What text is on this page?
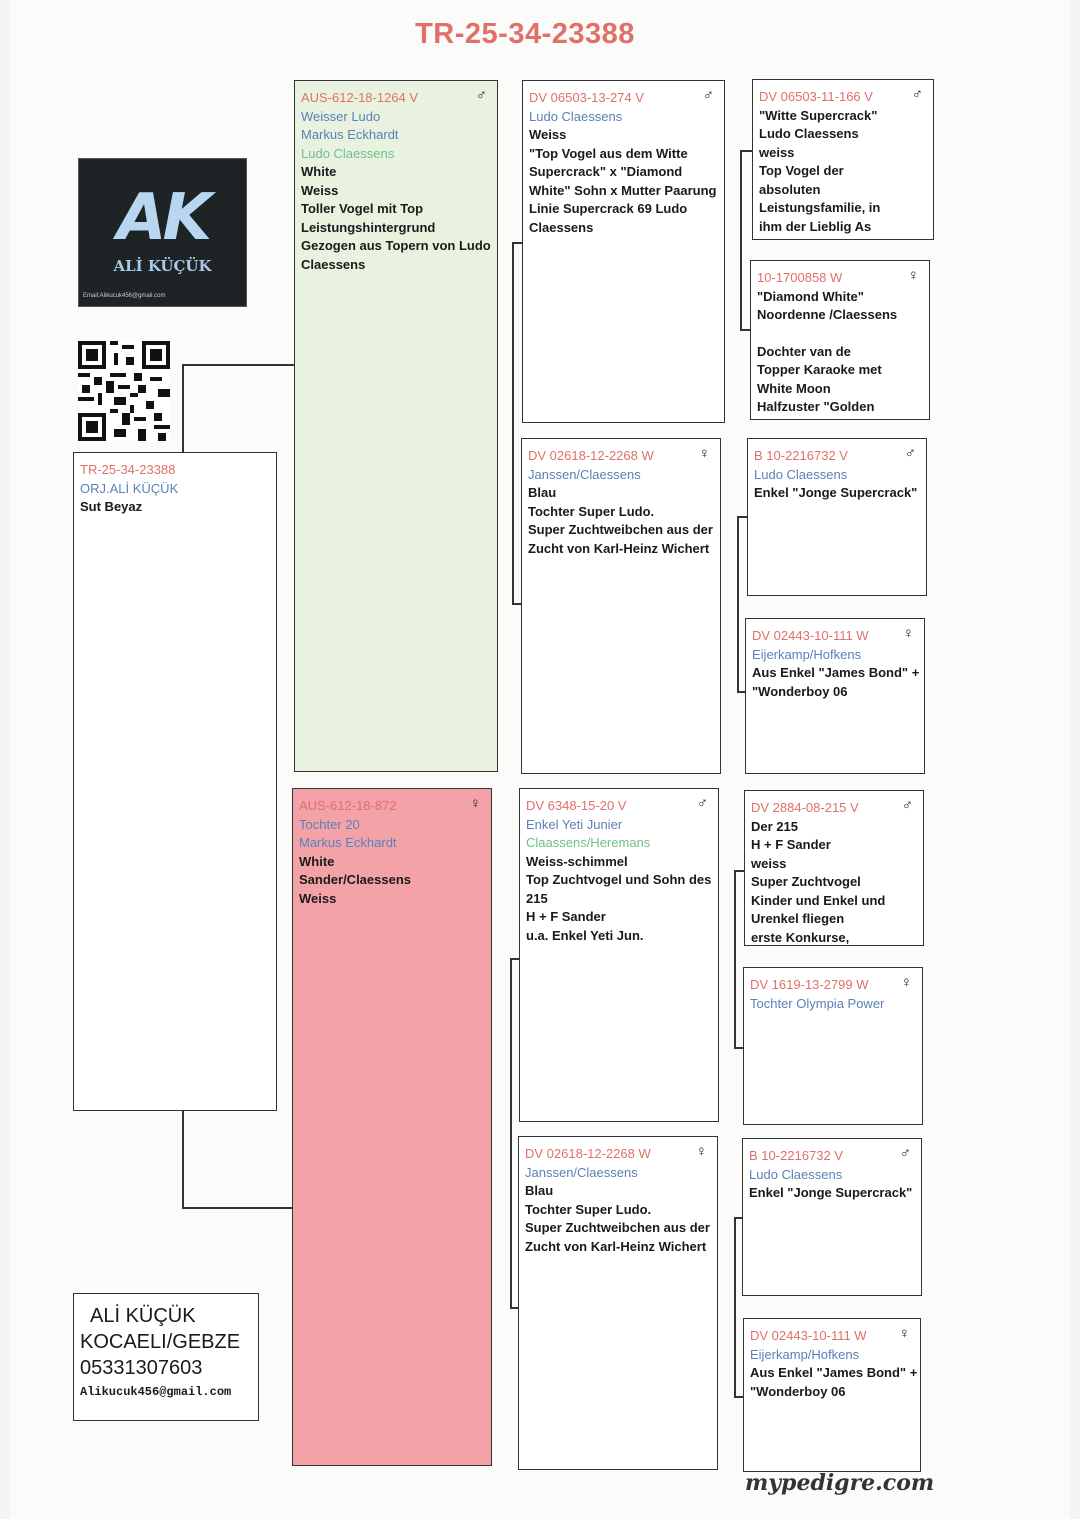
TR-25-34-23388
AK
ALİ KÜÇÜK
Email:Alikucuk456@gmail.com
TR-25-34-23388
ORJ.ALİ KÜÇÜK
Sut Beyaz
♂
AUS-612-18-1264 V
Weisser Ludo
Markus Eckhardt
Ludo Claessens
White
Weiss
Toller Vogel mit Top
Leistungshintergrund
Gezogen aus Topern von Ludo
Claessens
♀
AUS-612-18-872
Tochter 20
Markus Eckhardt
White
Sander/Claessens
Weiss
♂
DV 06503-13-274 V
Ludo Claessens
Weiss
"Top Vogel aus dem Witte
Supercrack" x "Diamond
White" Sohn x Mutter Paarung
Linie Supercrack 69 Ludo
Claessens
♀
DV 02618-12-2268 W
Janssen/Claessens
Blau
Tochter Super Ludo.
Super Zuchtweibchen aus der
Zucht von Karl-Heinz Wichert
♂
DV 6348-15-20 V
Enkel Yeti Junier
Claassens/Heremans
Weiss-schimmel
Top Zuchtvogel und Sohn des
215
H + F Sander
u.a. Enkel Yeti Jun.
♀
DV 02618-12-2268 W
Janssen/Claessens
Blau
Tochter Super Ludo.
Super Zuchtweibchen aus der
Zucht von Karl-Heinz Wichert
♂
DV 06503-11-166 V
"Witte Supercrack"
Ludo Claessens
weiss
Top Vogel der
absoluten
Leistungsfamilie, in
ihm der Lieblig As
♀
10-1700858 W
"Diamond White"
Noordenne /Claessens
Dochter van de
Topper Karaoke met
White Moon
Halfzuster "Golden
♂
B 10-2216732 V
Ludo Claessens
Enkel "Jonge Supercrack"
♀
DV 02443-10-111 W
Eijerkamp/Hofkens
Aus Enkel "James Bond" +
"Wonderboy 06
♂
DV 2884-08-215 V
Der 215
H + F Sander
weiss
Super Zuchtvogel
Kinder und Enkel und
Urenkel fliegen
erste Konkurse,
♀
DV 1619-13-2799 W
Tochter Olympia Power
♂
B 10-2216732 V
Ludo Claessens
Enkel "Jonge Supercrack"
♀
DV 02443-10-111 W
Eijerkamp/Hofkens
Aus Enkel "James Bond" +
"Wonderboy 06
ALİ KÜÇÜK
KOCAELI/GEBZE
05331307603
Alikucuk456@gmail.com
mypedigre.com
